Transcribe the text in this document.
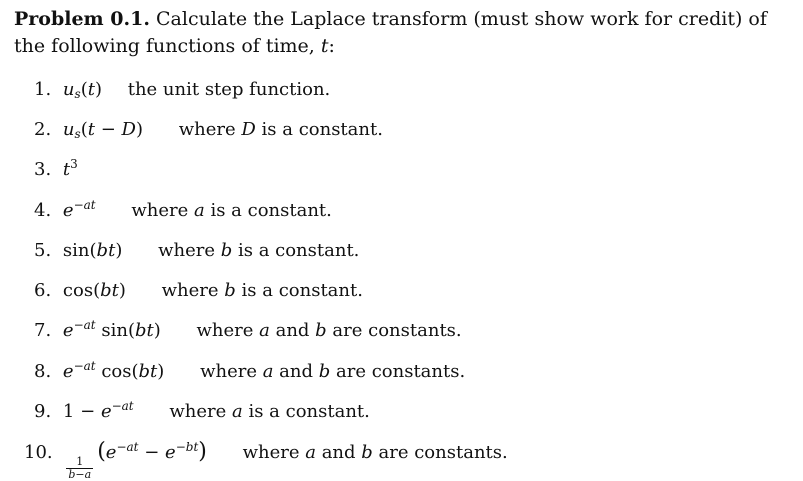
Problem 0.1. Calculate the Laplace transform (must show work for credit) of the following functions of time, t:

1. $u_s(t)$ the unit step function.
2. $u_s(t - D)$ where D is a constant.
3. $t^3$
4. $e^{-at}$ where a is a constant.
5. sin(bt) where b is a constant.
6. cos(bt) where b is a constant.
7. $e^{-at}$ sin(bt) where a and b are constants.
8. $e^{-at}$ cos(bt) where a and b are constants.
9. $1 - e^{-at}$ where a is a constant.
10.
$\frac{1}{b-a}$
$(e^{-at} - e^{-bt})$ where a and b are constants.
